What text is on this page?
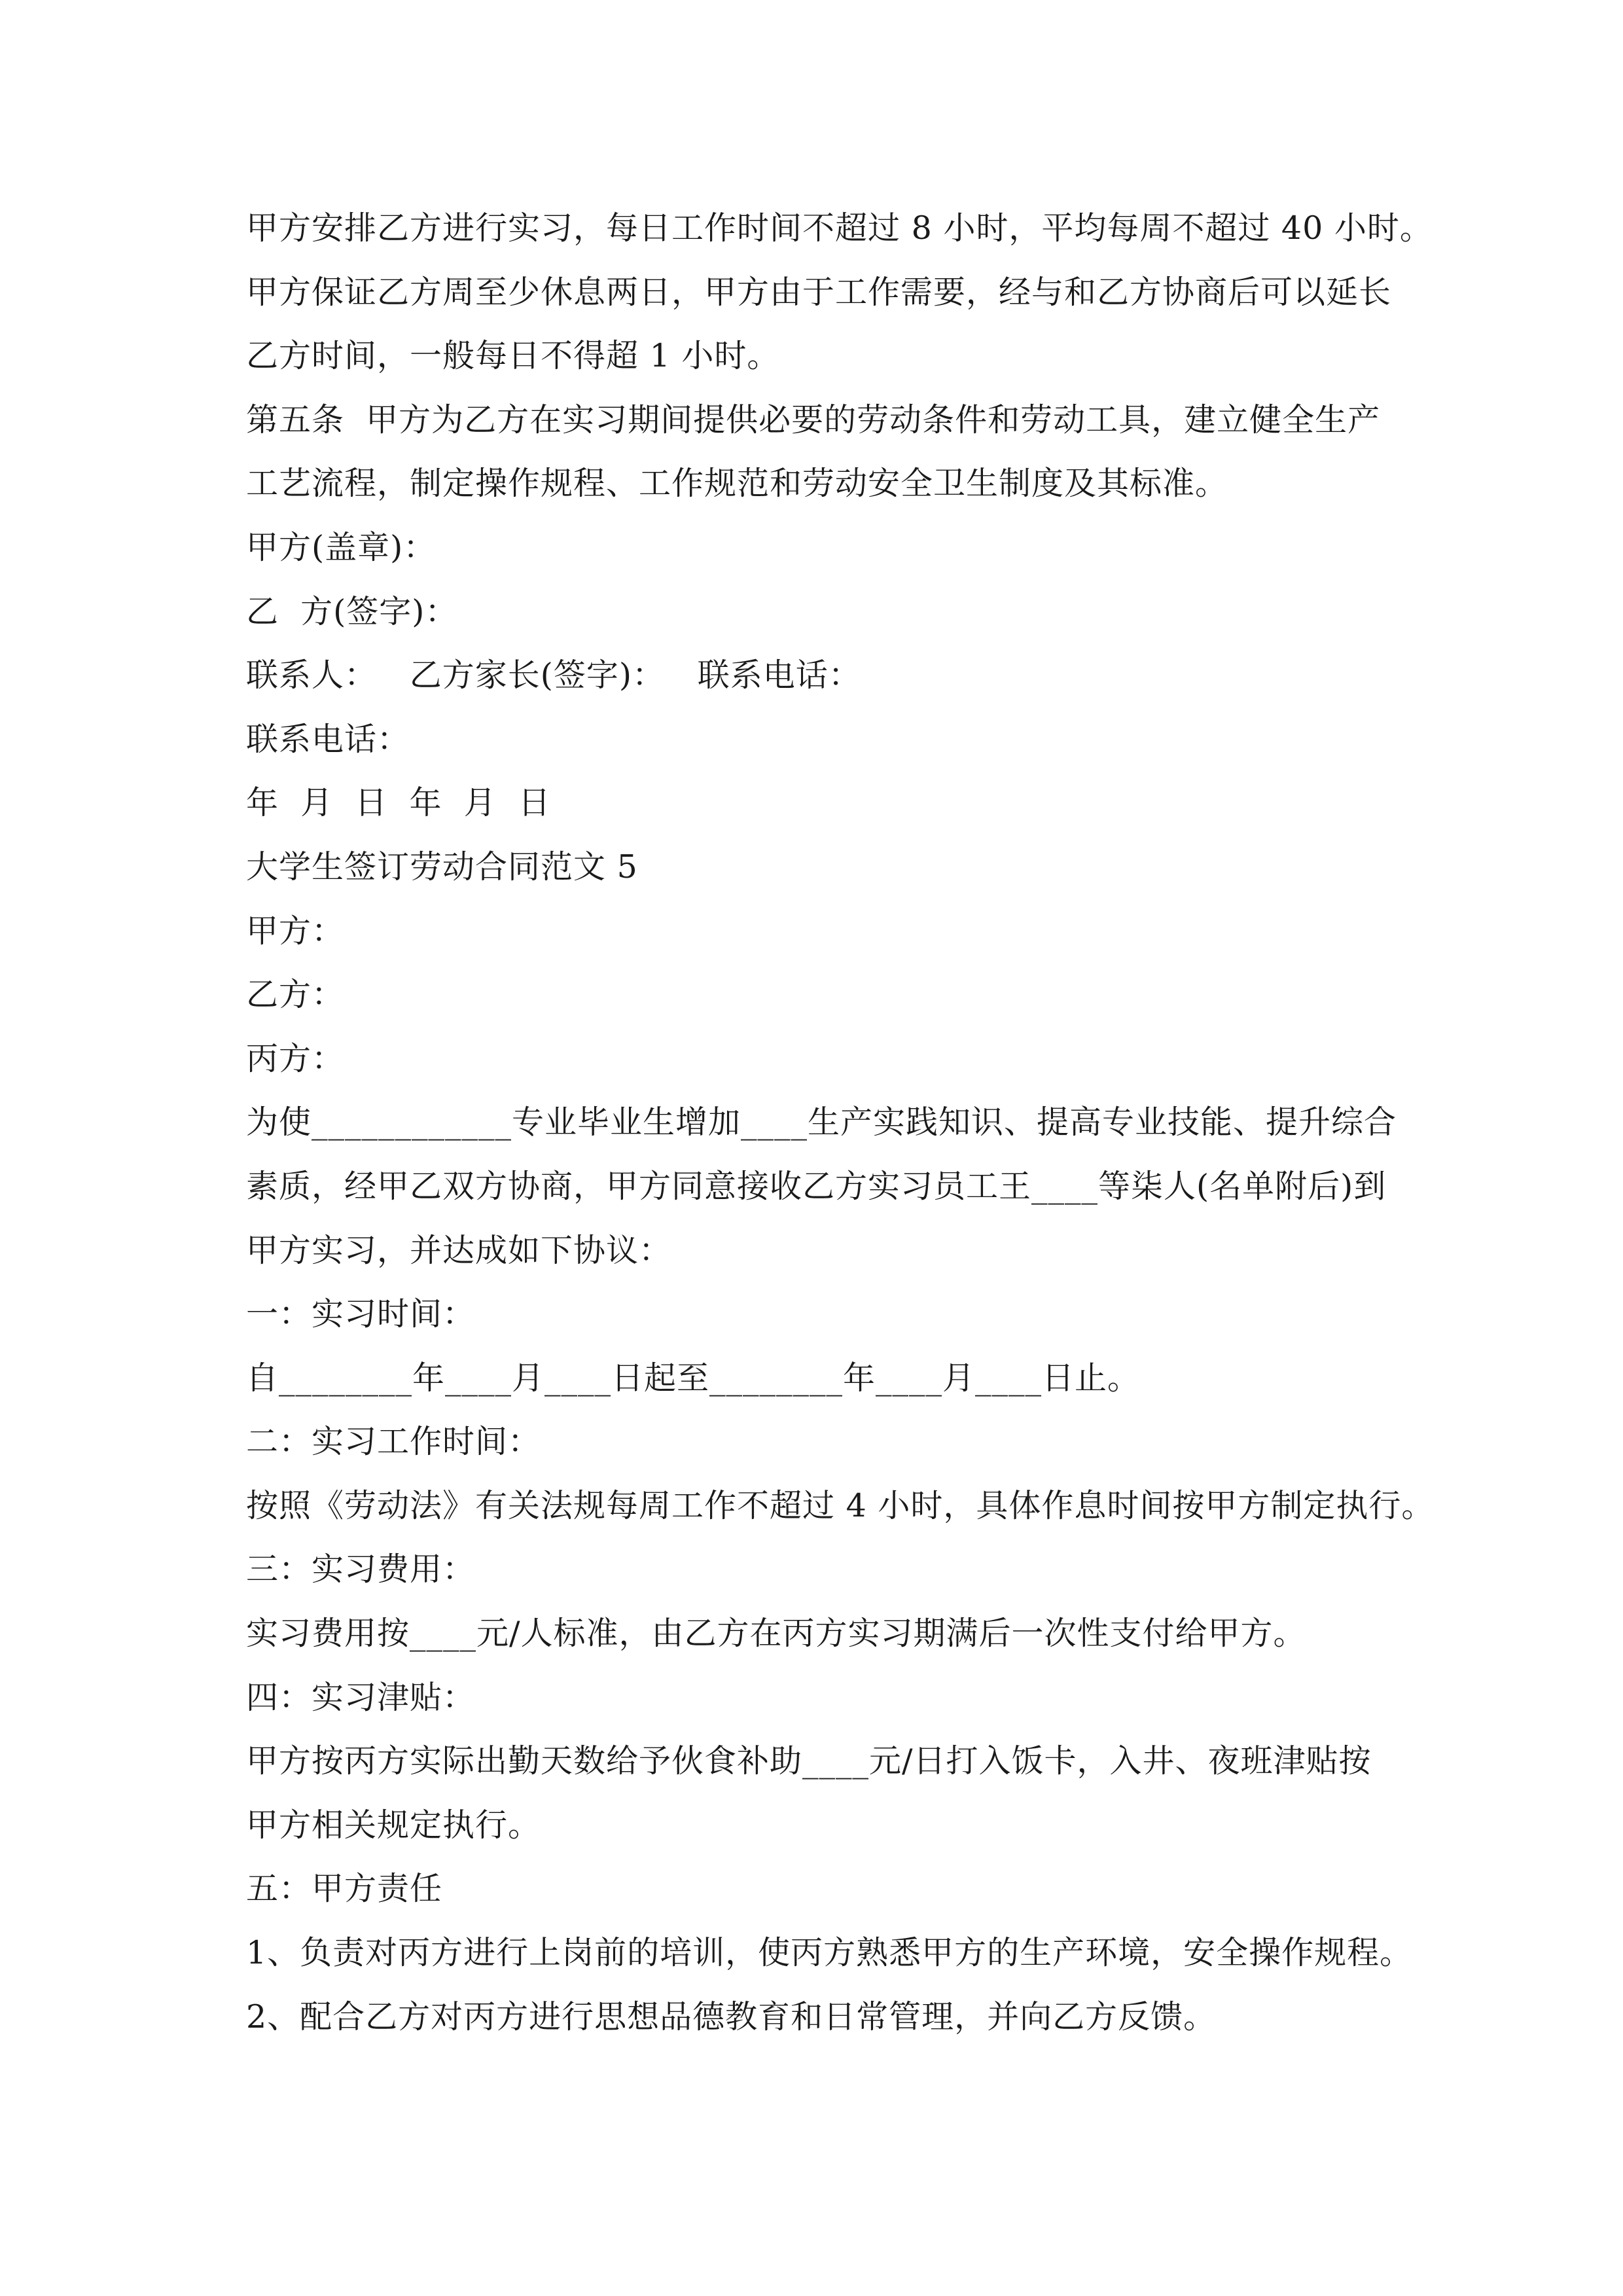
甲方安排乙方进行实习，每日工作时间不超过 8 小时，平均每周不超过 40 小时。
甲方保证乙方周至少休息两日，甲方由于工作需要，经与和乙方协商后可以延长
乙方时间，一般每日不得超 1 小时。
第五条  甲方为乙方在实习期间提供必要的劳动条件和劳动工具，建立健全生产
工艺流程，制定操作规程、工作规范和劳动安全卫生制度及其标准。
甲方(盖章)：
乙  方(签字)：
联系人：   乙方家长(签字)：   联系电话：
联系电话：
年  月  日  年  月  日
大学生签订劳动合同范文 5
甲方：
乙方：
丙方：
为使____________专业毕业生增加____生产实践知识、提高专业技能、提升综合
素质，经甲乙双方协商，甲方同意接收乙方实习员工王____等柒人(名单附后)到
甲方实习，并达成如下协议：
一：实习时间：
自________年____月____日起至________年____月____日止。
二：实习工作时间：
按照《劳动法》有关法规每周工作不超过 4 小时，具体作息时间按甲方制定执行。
三：实习费用：
实习费用按____元/人标准，由乙方在丙方实习期满后一次性支付给甲方。
四：实习津贴：
甲方按丙方实际出勤天数给予伙食补助____元/日打入饭卡，入井、夜班津贴按
甲方相关规定执行。
五：甲方责任
1、负责对丙方进行上岗前的培训，使丙方熟悉甲方的生产环境，安全操作规程。
2、配合乙方对丙方进行思想品德教育和日常管理，并向乙方反馈。
